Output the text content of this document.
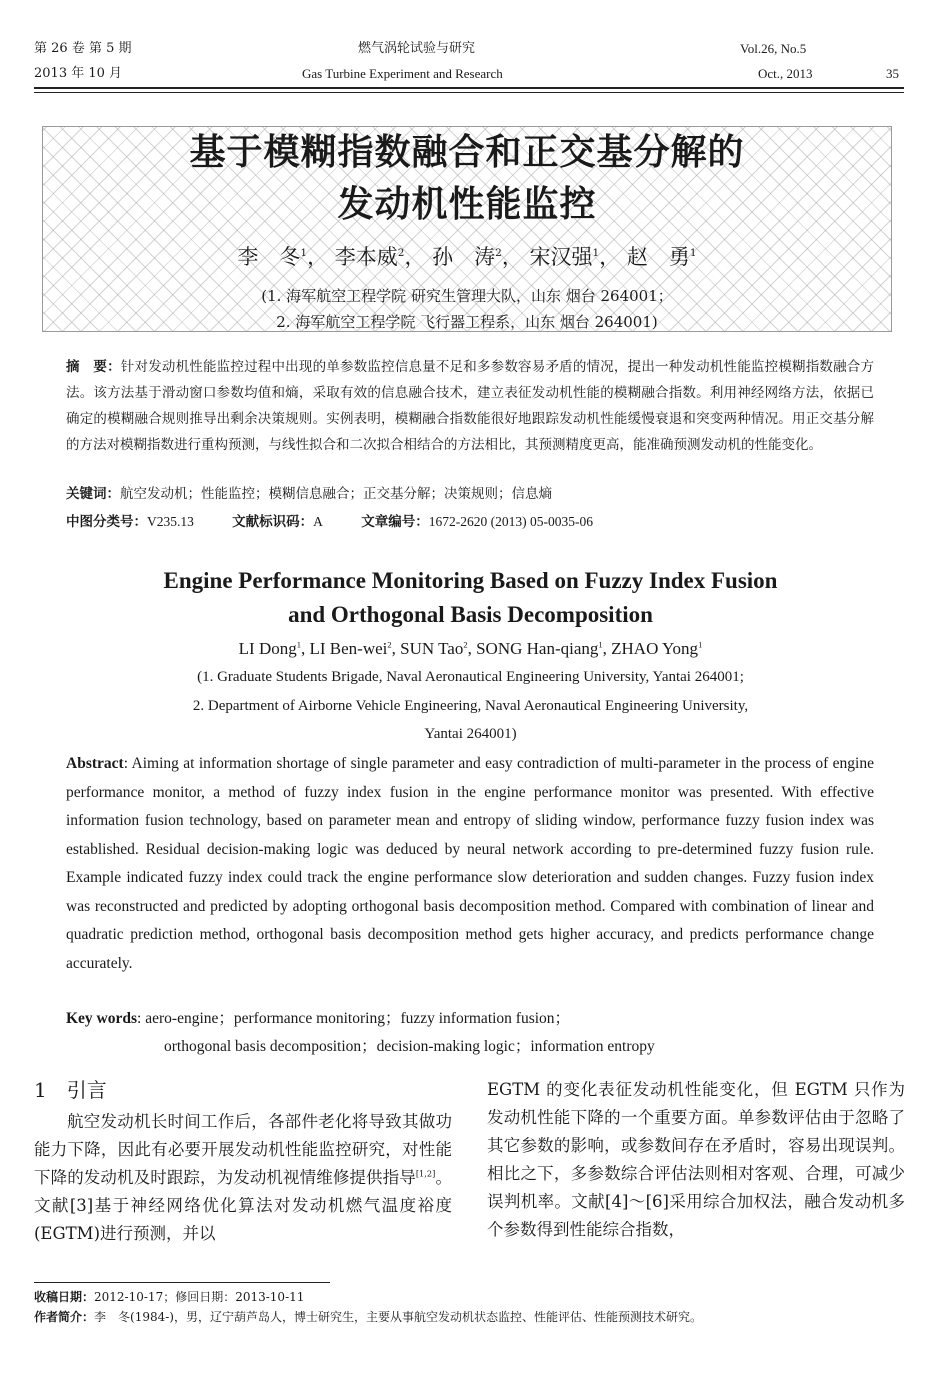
第 26 卷 第 5 期
2013 年 10 月
燃气涡轮试验与研究
Gas Turbine Experiment and Research
Vol.26, No.5
Oct., 2013	35
基于模糊指数融合和正交基分解的
发动机性能监控
李　冬$^1$， 李本威$^2$， 孙　涛$^2$， 宋汉强$^1$， 赵　勇$^1$
(1. 海军航空工程学院 研究生管理大队，山东 烟台 264001；
2. 海军航空工程学院 飞行器工程系，山东 烟台 264001)
摘　要：针对发动机性能监控过程中出现的单参数监控信息量不足和多参数容易矛盾的情况，提出一种发动机性能监控模糊指数融合方法。该方法基于滑动窗口参数均值和熵，采取有效的信息融合技术，建立表征发动机性能的模糊融合指数。利用神经网络方法，依据已确定的模糊融合规则推导出剩余决策规则。实例表明，模糊融合指数能很好地跟踪发动机性能缓慢衰退和突变两种情况。用正交基分解的方法对模糊指数进行重构预测，与线性拟合和二次拟合相结合的方法相比，其预测精度更高，能准确预测发动机的性能变化。
关键词：航空发动机；性能监控；模糊信息融合；正交基分解；决策规则；信息熵
中图分类号：V235.13	文献标识码：A	文章编号：1672-2620 (2013) 05-0035-06
Engine Performance Monitoring Based on Fuzzy Index Fusion
and Orthogonal Basis Decomposition
LI Dong$^1$, LI Ben-wei$^2$, SUN Tao$^2$, SONG Han-qiang$^1$, ZHAO Yong$^1$
(1. Graduate Students Brigade, Naval Aeronautical Engineering University, Yantai 264001;
2. Department of Airborne Vehicle Engineering, Naval Aeronautical Engineering University,
Yantai 264001)
Abstract: Aiming at information shortage of single parameter and easy contradiction of multi-parameter in the process of engine performance monitor, a method of fuzzy index fusion in the engine performance monitor was presented. With effective information fusion technology, based on parameter mean and entropy of sliding window, performance fuzzy fusion index was established. Residual decision-making logic was deduced by neural network according to pre-determined fuzzy fusion rule. Example indicated fuzzy index could track the engine performance slow deterioration and sudden changes. Fuzzy fusion index was reconstructed and predicted by adopting orthogonal basis decomposition method. Compared with combination of linear and quadratic prediction method, orthogonal basis decomposition method gets higher accuracy, and predicts performance change accurately.
Key words: aero-engine；performance monitoring；fuzzy information fusion；
orthogonal basis decomposition；decision-making logic；information entropy
1　引言

航空发动机长时间工作后，各部件老化将导致其做功能力下降，因此有必要开展发动机性能监控研究，对性能下降的发动机及时跟踪，为发动机视情维修提供指导[1,2]。文献[3]基于神经网络优化算法对发动机燃气温度裕度(EGTM)进行预测，并以

EGTM 的变化表征发动机性能变化，但 EGTM 只作为发动机性能下降的一个重要方面。单参数评估由于忽略了其它参数的影响，或参数间存在矛盾时，容易出现误判。相比之下，多参数综合评估法则相对客观、合理，可减少误判机率。文献[4]～[6]采用综合加权法，融合发动机多个参数得到性能综合指数，

收稿日期：2012-10-17；修回日期：2013-10-11
作者简介：李　冬(1984-)，男，辽宁葫芦岛人，博士研究生，主要从事航空发动机状态监控、性能评估、性能预测技术研究。
